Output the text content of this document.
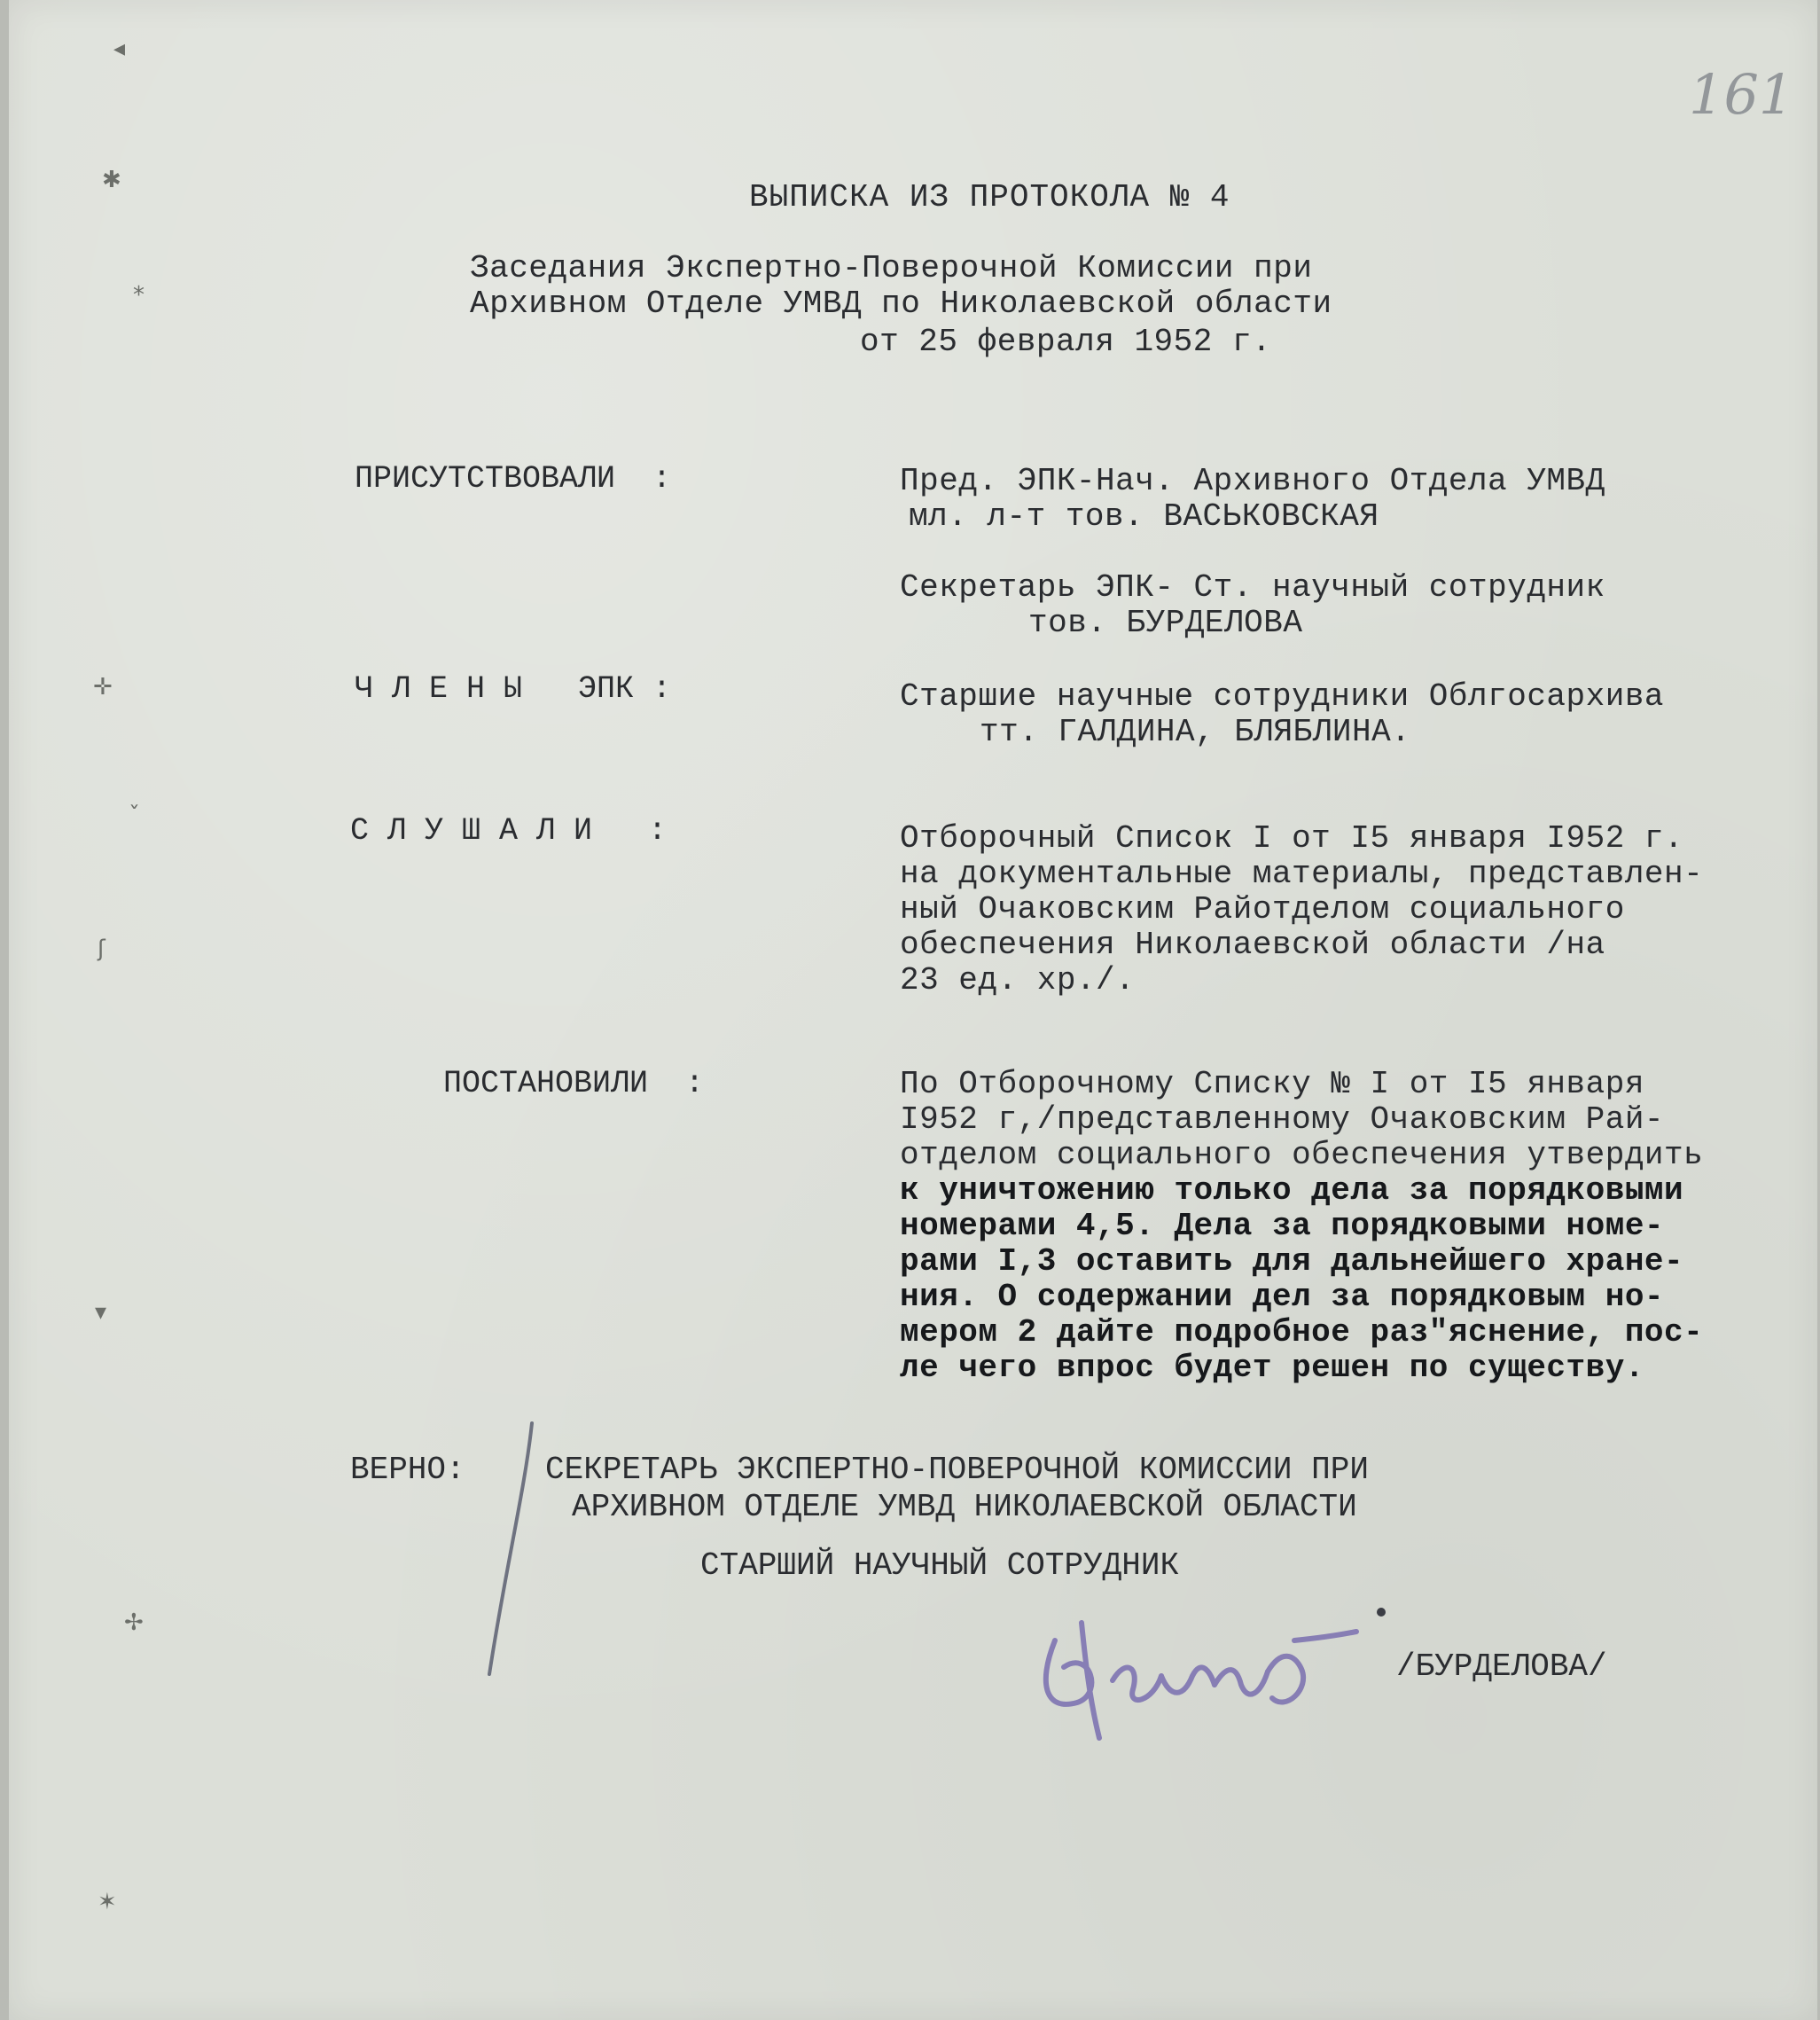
161
◂
✱
⁎
✛
ˇ
ʃ
▾
✢
✶
ВЫПИСКА ИЗ ПРОТОКОЛА № 4
Заседания Экспертно-Поверочной Комиссии при
Архивном Отделе УМВД по Николаевской области
от 25 февраля 1952 г.
ПРИСУТСТВОВАЛИ  :	Пред. ЭПК-Нач. Архивного Отдела УМВД
мл. л-т тов. ВАСЬКОВСКАЯ
Секретарь ЭПК- Ст. научный сотрудник
тов. БУРДЕЛОВА
Ч Л Е Н Ы   ЭПК :	Старшие научные сотрудники Облгосархива
тт. ГАЛДИНА, БЛЯБЛИНА.
С Л У Ш А Л И   :	Отборочный Список I от I5 января I952 г.
на документальные материалы, представлен-
ный Очаковским Райотделом социального
обеспечения Николаевской области /на
23 ед. хр./.
ПОСТАНОВИЛИ  :	По Отборочному Списку № I от I5 января
I952 г,/представленному Очаковским Рай-
отделом социального обеспечения утвердить
к уничтожению только дела за порядковыми
номерами 4,5. Дела за порядковыми номе-
рами I,3 оставить для дальнейшего хране-
ния. О содержании дел за порядковым но-
мером 2 дайте подробное раз"яснение, пос-
ле чего впрос будет решен по существу.
ВЕРНО:	СЕКРЕТАРЬ ЭКСПЕРТНО-ПОВЕРОЧНОЙ КОМИССИИ ПРИ
АРХИВНОМ ОТДЕЛЕ УМВД НИКОЛАЕВСКОЙ ОБЛАСТИ
СТАРШИЙ НАУЧНЫЙ СОТРУДНИК
/БУРДЕЛОВА/
